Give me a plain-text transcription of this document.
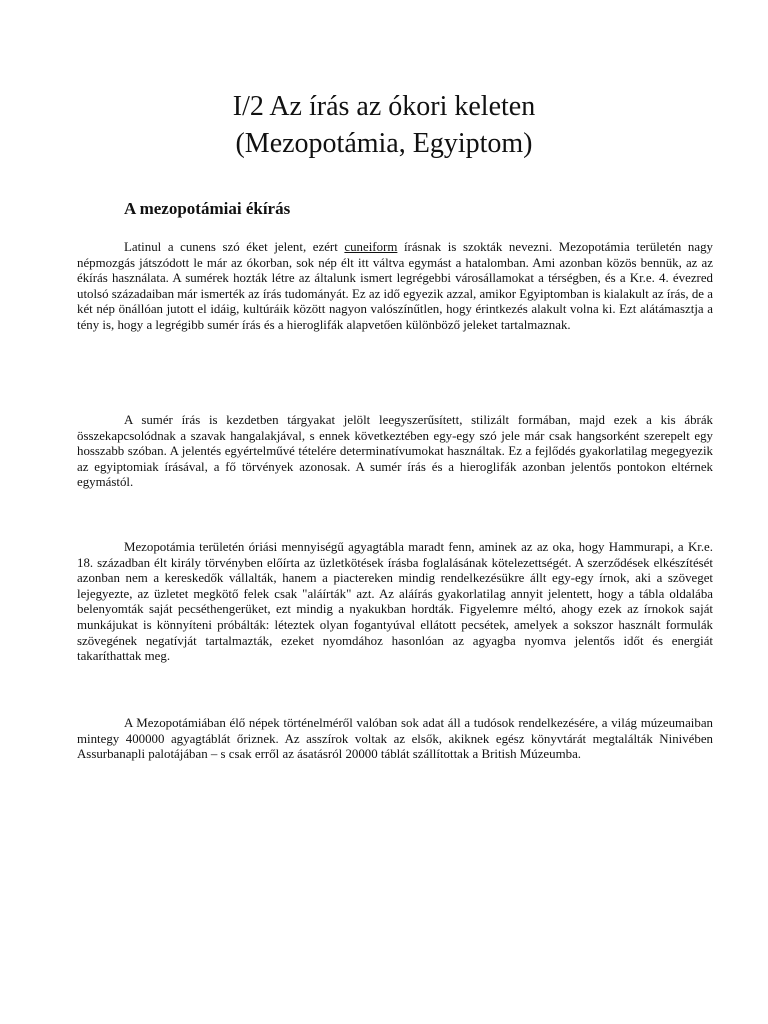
I/2 Az írás az ókori keleten
(Mezopotámia, Egyiptom)
A mezopotámiai ékírás

Latinul a cunens szó éket jelent, ezért cuneiform írásnak is szokták nevezni. Mezopotámia területén nagy népmozgás játszódott le már az ókorban, sok nép élt itt váltva egymást a hatalomban. Ami azonban közös bennük, az az ékírás használata. A sumérek hozták létre az általunk ismert legrégebbi városállamokat a térségben, és a Kr.e. 4. évezred utolsó századaiban már ismerték az írás tudományát. Ez az idő egyezik azzal, amikor Egyiptomban is kialakult az írás, de a két nép önállóan jutott el idáig, kultúráik között nagyon valószínűtlen, hogy érintkezés alakult volna ki. Ezt alátámasztja a tény is, hogy a legrégibb sumér írás és a hieroglifák alapvetően különböző jeleket tartalmaznak.

A sumér írás is kezdetben tárgyakat jelölt leegyszerűsített, stilizált formában, majd ezek a kis ábrák összekapcsolódnak a szavak hangalakjával, s ennek következtében egy-egy szó jele már csak hangsorként szerepelt egy hosszabb szóban. A jelentés egyértelművé tételére determinatívumokat használtak. Ez a fejlődés gyakorlatilag megegyezik az egyiptomiak írásával, a fő törvények azonosak. A sumér írás és a hieroglifák azonban jelentős pontokon eltérnek egymástól.

Mezopotámia területén óriási mennyiségű agyagtábla maradt fenn, aminek az az oka, hogy Hammurapi, a Kr.e. 18. században élt király törvényben előírta az üzletkötések írásba foglalásának kötelezettségét. A szerződések elkészítését azonban nem a kereskedők vállalták, hanem a piactereken mindig rendelkezésükre állt egy-egy írnok, aki a szöveget lejegyezte, az üzletet megkötő felek csak "aláírták" azt. Az aláírás gyakorlatilag annyit jelentett, hogy a tábla oldalába belenyomták saját pecséthengerüket, ezt mindig a nyakukban hordták. Figyelemre méltó, ahogy ezek az írnokok saját munkájukat is könnyíteni próbálták: léteztek olyan fogantyúval ellátott pecsétek, amelyek a sokszor használt formulák szövegének negatívját tartalmazták, ezeket nyomdához hasonlóan az agyagba nyomva jelentős időt és energiát takaríthattak meg.

A Mezopotámiában élő népek történelméről valóban sok adat áll a tudósok rendelkezésére, a világ múzeumaiban mintegy 400000 agyagtáblát őriznek. Az asszírok voltak az elsők, akiknek egész könyvtárát megtalálták Ninivében Assurbanapli palotájában – s csak erről az ásatásról 20000 táblát szállítottak a British Múzeumba.
